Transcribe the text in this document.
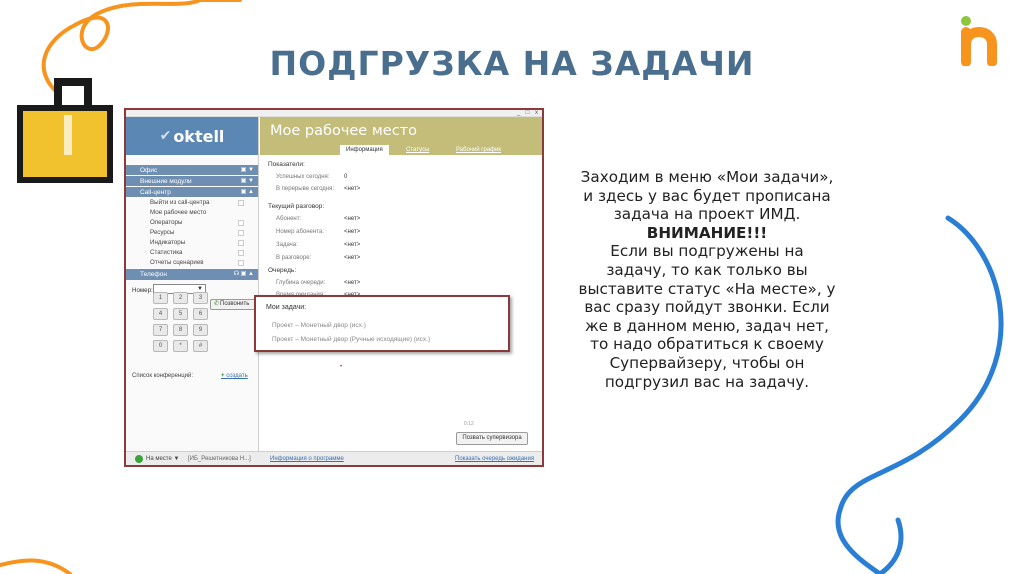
ПОДГРУЗКА НА ЗАДАЧИ
_ □ x
✔ oktell
Офис	▣ ▼
Внешние модули	▣ ▼
Call-центр	▣ ▲
Выйти из call-центра
Мое рабочее место
Операторы
Ресурсы
Индикаторы
Статистика
Отчеты сценариев
Телефон	☊ ▣ ▲
Номер:	▼
✆Позвонить
1	2	3
4	5	6
7	8	9
0	*	#
Список конференций:	+ создать
Мое рабочее место
Информация	Статусы	Рабочий график
Показатели:
Успешных сегодня: 0
В перерыве сегодня: <нет>
Текущий разговор:
Абонент:	<нет>
Номер абонента:	<нет>
Задача:	<нет>
В разговоре:	<нет>
Очередь:
Глубина очереди:	<нет>
Мои задачи:
Проект – Монетный двор (исх.)
Проект – Монетный двор (Ручные исходящие) (исх.)
•
0:12
Позвать супервизора
На месте ▼ [ИБ_Решетникова Н...]	Информация о программе	Показать очередь ожидания
Заходим в меню «Мои задачи»,
и здесь у вас будет прописана
задача на проект ИМД.
ВНИМАНИЕ!!!
Если вы подгружены на
задачу, то как только вы
выставите статус «На месте», у
вас сразу пойдут звонки. Если
же в данном меню, задач нет,
то надо обратиться к своему
Супервайзеру, чтобы он
подгрузил вас на задачу.
